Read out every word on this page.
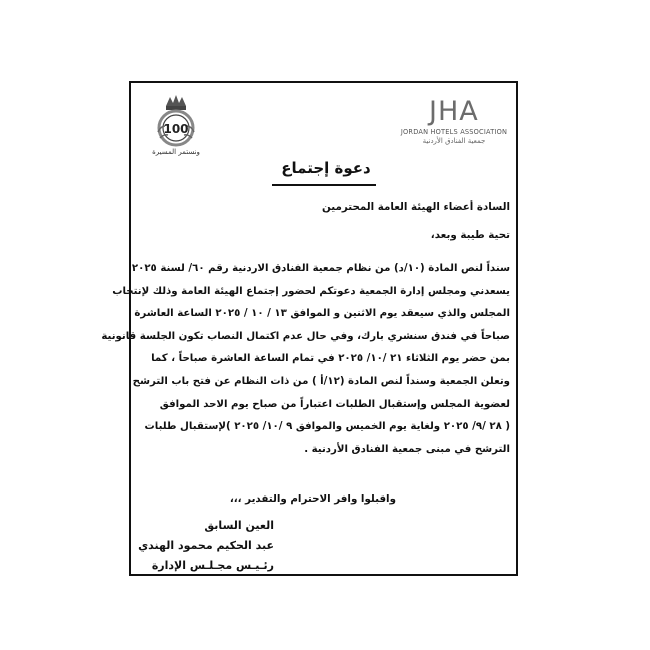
100
ونستمر المسيرة
JHA
JORDAN HOTELS ASSOCIATION
جمعية الفنادق الأردنية
دعوة إجتماع
السادة أعضاء الهيئة العامة المحترمين
تحية طيبة وبعد،
سنداً لنص المادة (١٠/د) من نظام جمعية الفنادق الاردنية رقم ٦٠/ لسنة ٢٠٢٥
يسعدني ومجلس إدارة الجمعية دعوتكم لحضور إجتماع الهيئة العامة وذلك لإنتخاب
المجلس والذي سيعقد يوم الاثنين و الموافق ١٣ / ١٠ / ٢٠٢٥ الساعة العاشرة
صباحاً في فندق سنشري بارك، وفي حال عدم اكتمال النصاب تكون الجلسة قانونية
بمن حضر يوم الثلاثاء ٢١ /١٠/ ٢٠٢٥ في تمام الساعة العاشرة صباحاً ، كما
وتعلن الجمعية وسنداً لنص المادة (١٢/أ ) من ذات النظام عن فتح باب الترشح
لعضوية المجلس وإستقبال الطلبات اعتباراً من صباح يوم الاحد الموافق
( ٢٨ /٩/ ٢٠٢٥ ولغاية يوم الخميس والموافق ٩ /١٠/ ٢٠٢٥ )لإستقبال طلبات
الترشح في مبنى جمعية الفنادق الأردنية .
واقبلوا وافر الاحترام والتقدير ،،،
العين السابق
عبد الحكيم محمود الهندي
رئـيـس مجـلـس الإدارة
